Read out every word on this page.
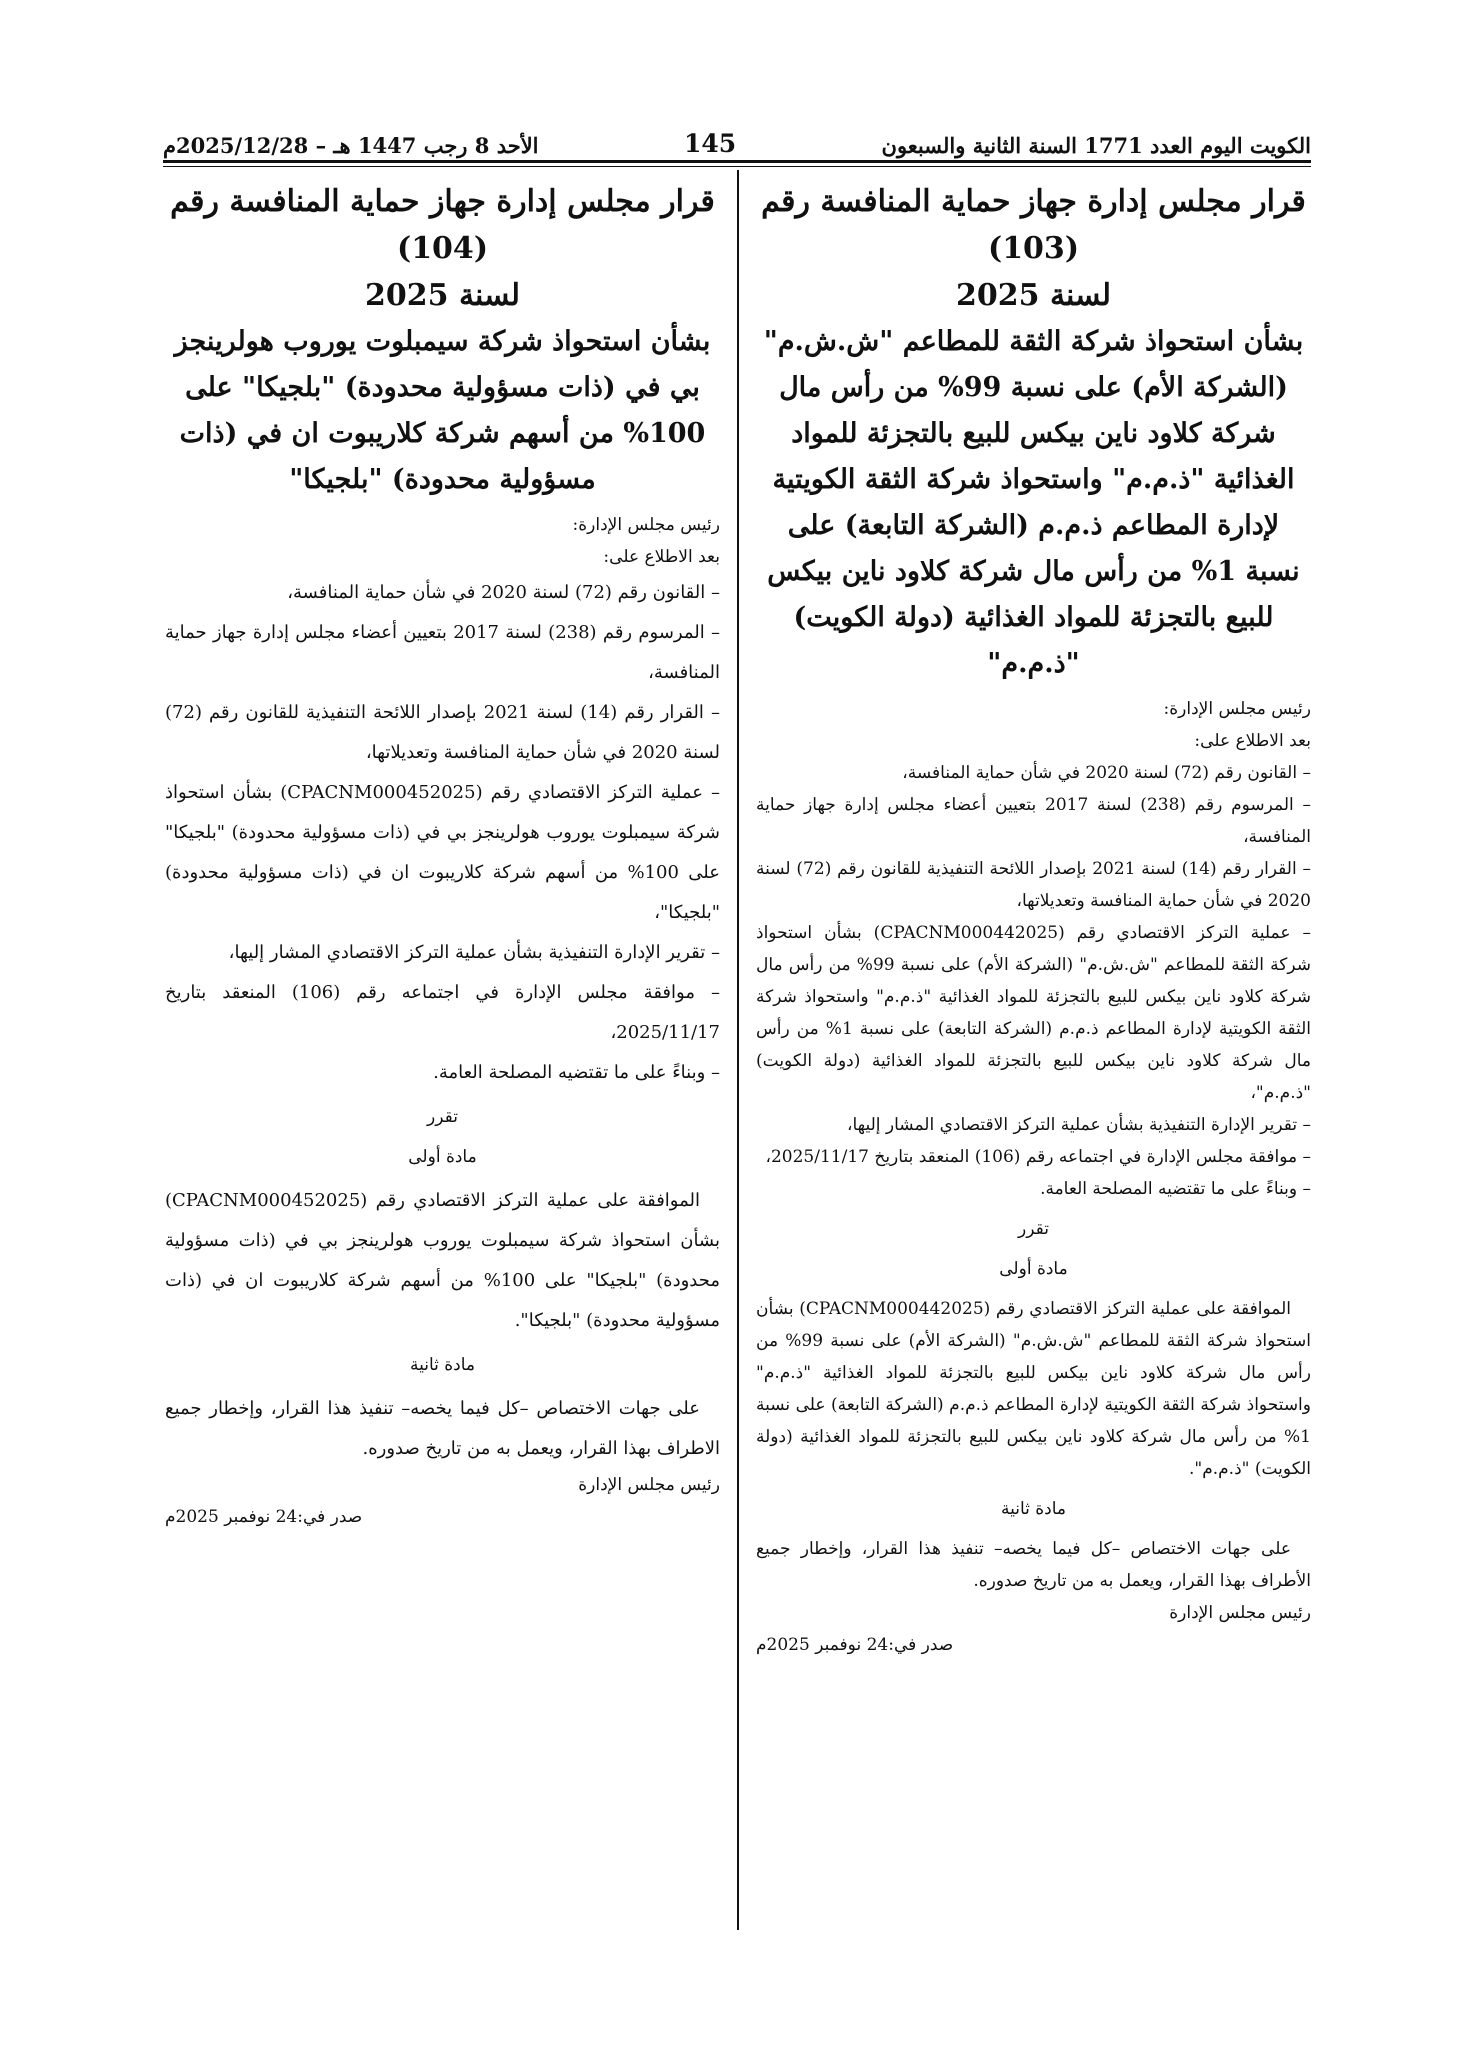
الكويت اليوم العدد 1771 السنة الثانية والسبعون
145
الأحد 8 رجب 1447 هـ – 2025/12/28م

قرار مجلس إدارة جهاز حماية المنافسة رقم (103)

لسنة 2025

بشأن استحواذ شركة الثقة للمطاعم "ش.ش.م" (الشركة الأم) على نسبة 99% من رأس مال شركة كلاود ناين بيكس للبيع بالتجزئة للمواد الغذائية "ذ.م.م" واستحواذ شركة الثقة الكويتية لإدارة المطاعم ذ.م.م (الشركة التابعة) على نسبة 1% من رأس مال شركة كلاود ناين بيكس للبيع بالتجزئة للمواد الغذائية (دولة الكويت) "ذ.م.م"

رئيس مجلس الإدارة:

بعد الاطلاع على:

– القانون رقم (72) لسنة 2020 في شأن حماية المنافسة،

– المرسوم رقم (238) لسنة 2017 بتعيين أعضاء مجلس إدارة جهاز حماية المنافسة،

– القرار رقم (14) لسنة 2021 بإصدار اللائحة التنفيذية للقانون رقم (72) لسنة 2020 في شأن حماية المنافسة وتعديلاتها،

– عملية التركز الاقتصادي رقم (CPACNM000442025) بشأن استحواذ شركة الثقة للمطاعم "ش.ش.م" (الشركة الأم) على نسبة 99% من رأس مال شركة كلاود ناين بيكس للبيع بالتجزئة للمواد الغذائية "ذ.م.م" واستحواذ شركة الثقة الكويتية لإدارة المطاعم ذ.م.م (الشركة التابعة) على نسبة 1% من رأس مال شركة كلاود ناين بيكس للبيع بالتجزئة للمواد الغذائية (دولة الكويت) "ذ.م.م"،

– تقرير الإدارة التنفيذية بشأن عملية التركز الاقتصادي المشار إليها،

– موافقة مجلس الإدارة في اجتماعه رقم (106) المنعقد بتاريخ 2025/11/17،

– وبناءً على ما تقتضيه المصلحة العامة.

تقرر

مادة أولى

الموافقة على عملية التركز الاقتصادي رقم (CPACNM000442025) بشأن استحواذ شركة الثقة للمطاعم "ش.ش.م" (الشركة الأم) على نسبة 99% من رأس مال شركة كلاود ناين بيكس للبيع بالتجزئة للمواد الغذائية "ذ.م.م" واستحواذ شركة الثقة الكويتية لإدارة المطاعم ذ.م.م (الشركة التابعة) على نسبة 1% من رأس مال شركة كلاود ناين بيكس للبيع بالتجزئة للمواد الغذائية (دولة الكويت) "ذ.م.م".

مادة ثانية

على جهات الاختصاص –كل فيما يخصه– تنفيذ هذا القرار، وإخطار جميع الأطراف بهذا القرار، ويعمل به من تاريخ صدوره.

رئيس مجلس الإدارة

صدر في:24 نوفمبر 2025م

قرار مجلس إدارة جهاز حماية المنافسة رقم (104)

لسنة 2025

بشأن استحواذ شركة سيمبلوت يوروب هولرينجز بي في (ذات مسؤولية محدودة) "بلجيكا" على 100% من أسهم شركة كلاريبوت ان في (ذات مسؤولية محدودة) "بلجيكا"

رئيس مجلس الإدارة:

بعد الاطلاع على:

– القانون رقم (72) لسنة 2020 في شأن حماية المنافسة،

– المرسوم رقم (238) لسنة 2017 بتعيين أعضاء مجلس إدارة جهاز حماية المنافسة،

– القرار رقم (14) لسنة 2021 بإصدار اللائحة التنفيذية للقانون رقم (72) لسنة 2020 في شأن حماية المنافسة وتعديلاتها،

– عملية التركز الاقتصادي رقم (CPACNM000452025) بشأن استحواذ شركة سيمبلوت يوروب هولرينجز بي في (ذات مسؤولية محدودة) "بلجيكا" على 100% من أسهم شركة كلاريبوت ان في (ذات مسؤولية محدودة) "بلجيكا"،

– تقرير الإدارة التنفيذية بشأن عملية التركز الاقتصادي المشار إليها،

– موافقة مجلس الإدارة في اجتماعه رقم (106) المنعقد بتاريخ 2025/11/17،

– وبناءً على ما تقتضيه المصلحة العامة.

تقرر

مادة أولى

الموافقة على عملية التركز الاقتصادي رقم (CPACNM000452025) بشأن استحواذ شركة سيمبلوت يوروب هولرينجز بي في (ذات مسؤولية محدودة) "بلجيكا" على 100% من أسهم شركة كلاريبوت ان في (ذات مسؤولية محدودة) "بلجيكا".

مادة ثانية

على جهات الاختصاص –كل فيما يخصه– تنفيذ هذا القرار، وإخطار جميع الاطراف بهذا القرار، ويعمل به من تاريخ صدوره.

رئيس مجلس الإدارة

صدر في:24 نوفمبر 2025م
